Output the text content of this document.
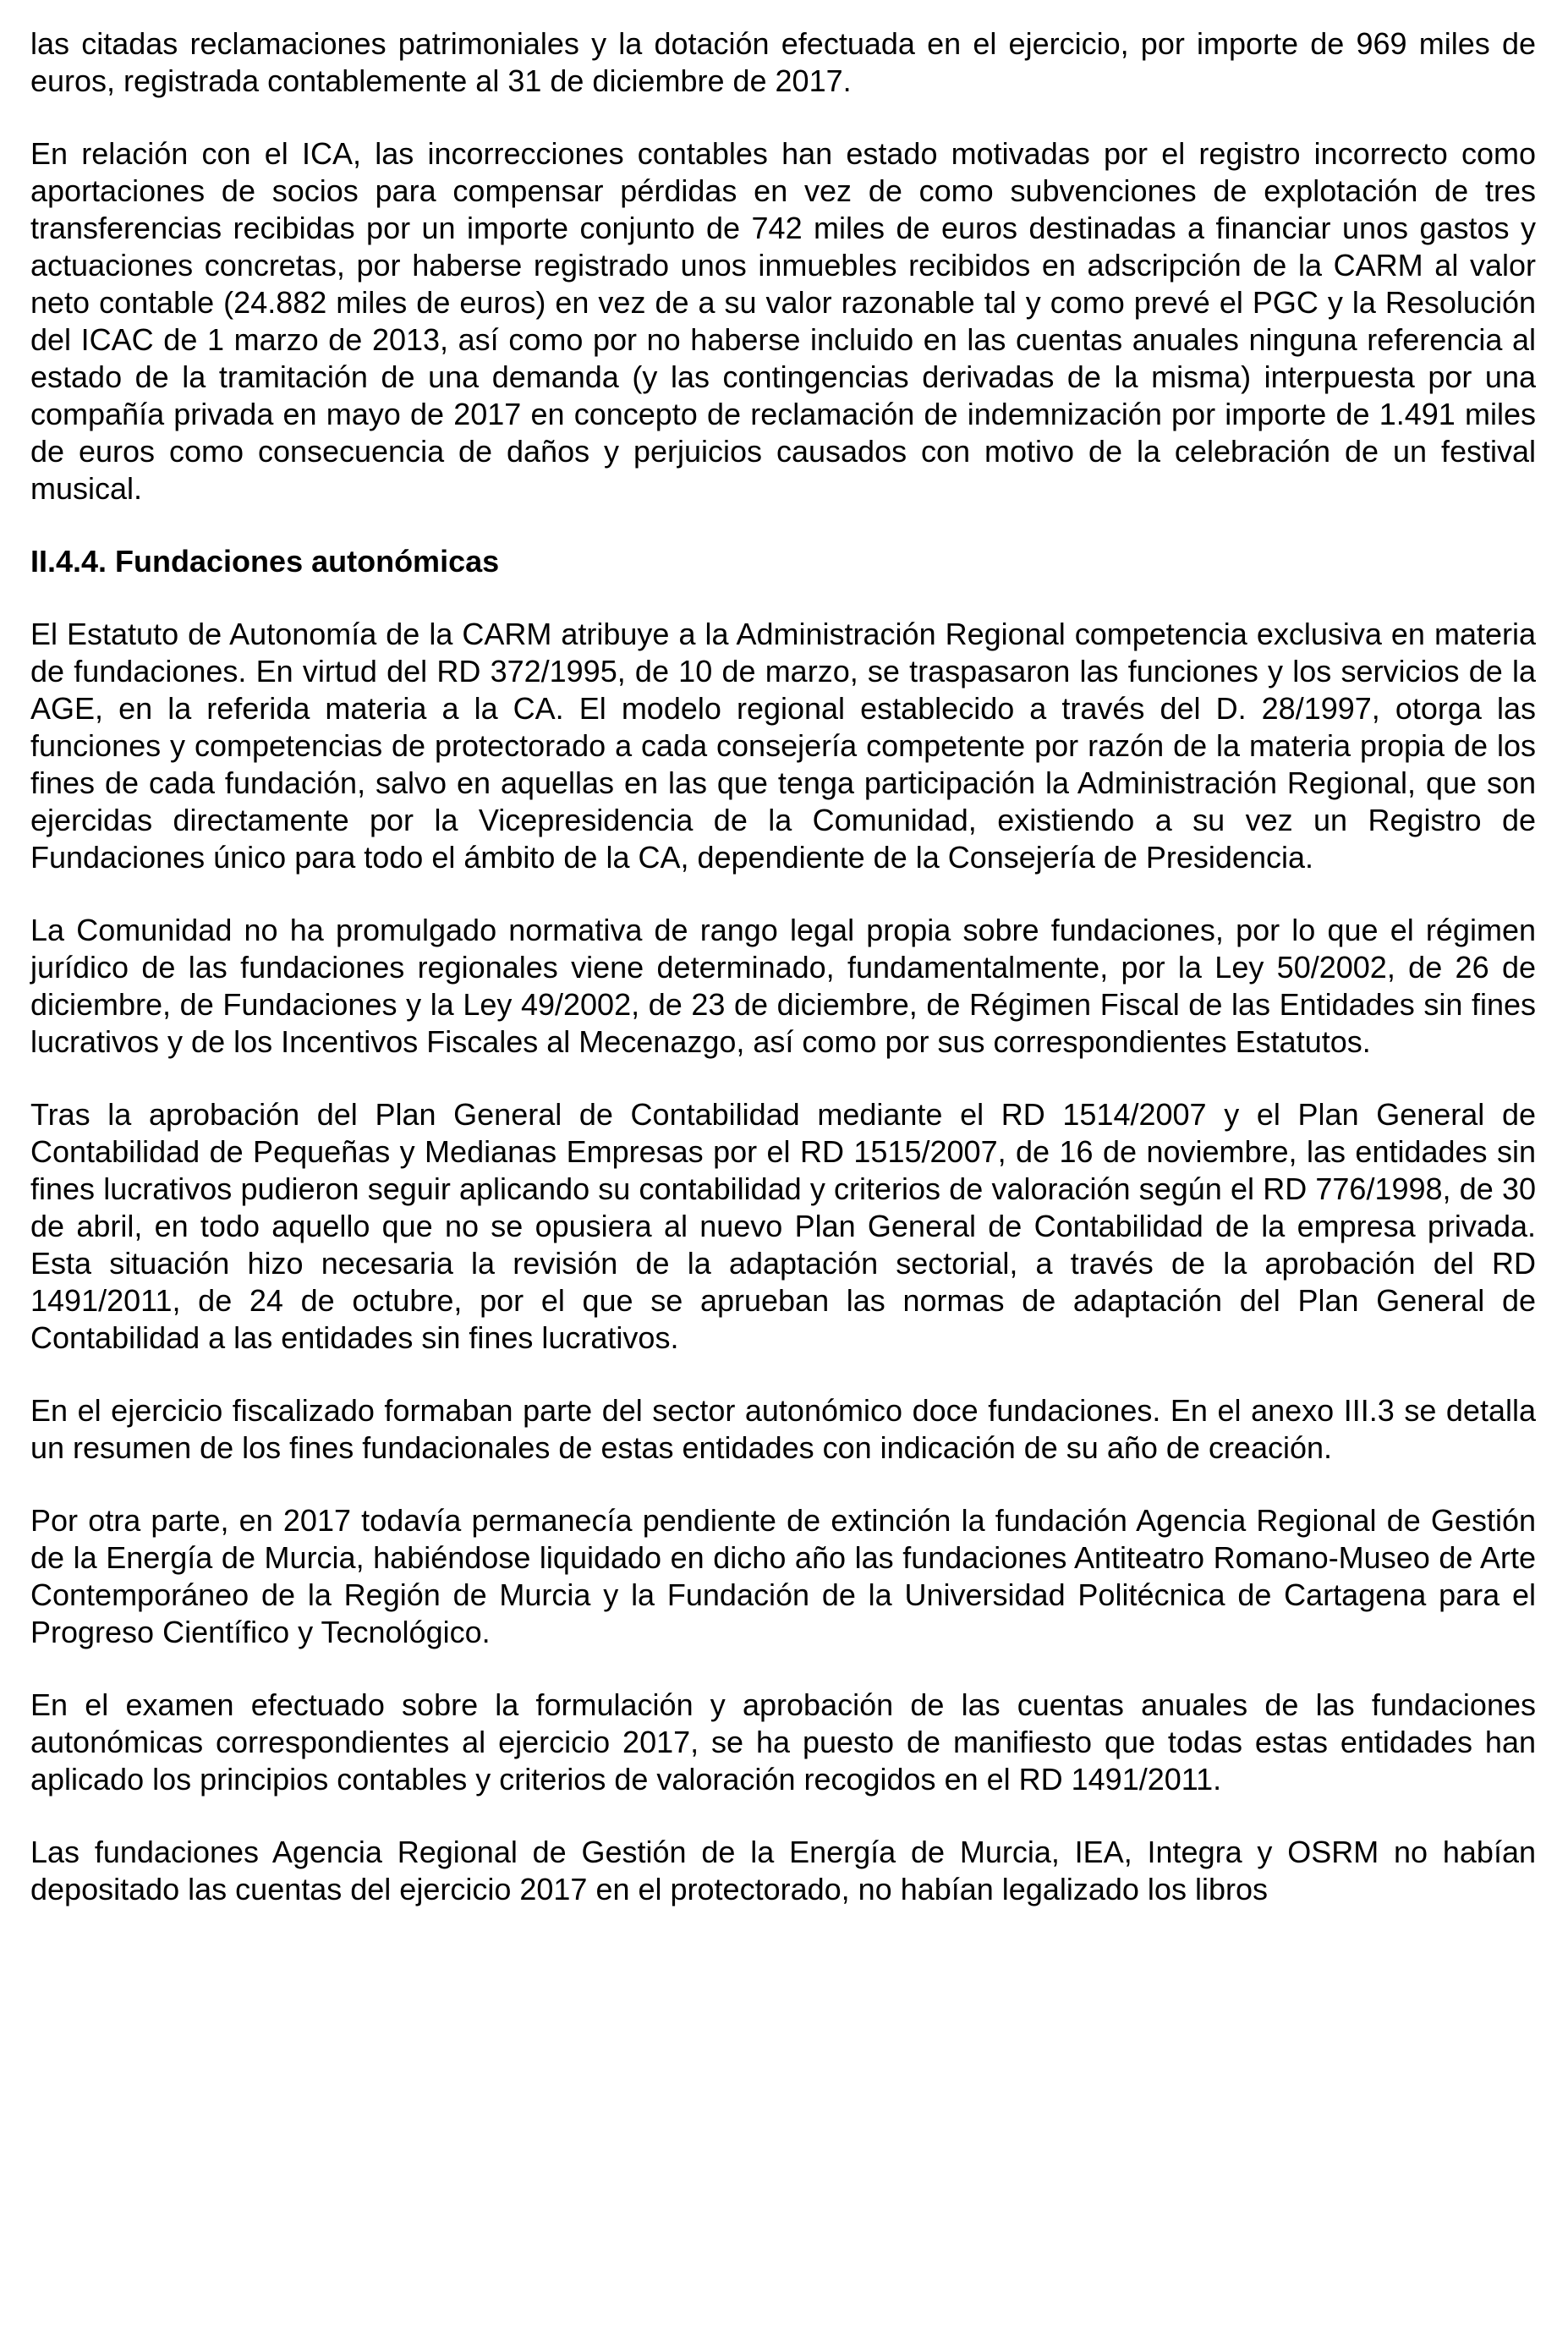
las citadas reclamaciones patrimoniales y la dotación efectuada en el ejercicio, por importe de 969 miles de euros, registrada contablemente al 31 de diciembre de 2017.

En relación con el ICA, las incorrecciones contables han estado motivadas por el registro incorrecto como aportaciones de socios para compensar pérdidas en vez de como subvenciones de explotación de tres transferencias recibidas por un importe conjunto de 742 miles de euros destinadas a financiar unos gastos y actuaciones concretas, por haberse registrado unos inmuebles recibidos en adscripción de la CARM al valor neto contable (24.882 miles de euros) en vez de a su valor razonable tal y como prevé el PGC y la Resolución del ICAC de 1 marzo de 2013, así como por no haberse incluido en las cuentas anuales ninguna referencia al estado de la tramitación de una demanda (y las contingencias derivadas de la misma) interpuesta por una compañía privada en mayo de 2017 en concepto de reclamación de indemnización por importe de 1.491 miles de euros como consecuencia de daños y perjuicios causados con motivo de la celebración de un festival musical.

II.4.4. Fundaciones autonómicas

El Estatuto de Autonomía de la CARM atribuye a la Administración Regional competencia exclusiva en materia de fundaciones. En virtud del RD 372/1995, de 10 de marzo, se traspasaron las funciones y los servicios de la AGE, en la referida materia a la CA. El modelo regional establecido a través del D. 28/1997, otorga las funciones y competencias de protectorado a cada consejería competente por razón de la materia propia de los fines de cada fundación, salvo en aquellas en las que tenga participación la Administración Regional, que son ejercidas directamente por la Vicepresidencia de la Comunidad, existiendo a su vez un Registro de Fundaciones único para todo el ámbito de la CA, dependiente de la Consejería de Presidencia.

La Comunidad no ha promulgado normativa de rango legal propia sobre fundaciones, por lo que el régimen jurídico de las fundaciones regionales viene determinado, fundamentalmente, por la Ley 50/2002, de 26 de diciembre, de Fundaciones y la Ley 49/2002, de 23 de diciembre, de Régimen Fiscal de las Entidades sin fines lucrativos y de los Incentivos Fiscales al Mecenazgo, así como por sus correspondientes Estatutos.

Tras la aprobación del Plan General de Contabilidad mediante el RD 1514/2007 y el Plan General de Contabilidad de Pequeñas y Medianas Empresas por el RD 1515/2007, de 16 de noviembre, las entidades sin fines lucrativos pudieron seguir aplicando su contabilidad y criterios de valoración según el RD 776/1998, de 30 de abril, en todo aquello que no se opusiera al nuevo Plan General de Contabilidad de la empresa privada. Esta situación hizo necesaria la revisión de la adaptación sectorial, a través de la aprobación del RD 1491/2011, de 24 de octubre, por el que se aprueban las normas de adaptación del Plan General de Contabilidad a las entidades sin fines lucrativos.

En el ejercicio fiscalizado formaban parte del sector autonómico doce fundaciones. En el anexo III.3 se detalla un resumen de los fines fundacionales de estas entidades con indicación de su año de creación.

Por otra parte, en 2017 todavía permanecía pendiente de extinción la fundación Agencia Regional de Gestión de la Energía de Murcia, habiéndose liquidado en dicho año las fundaciones Antiteatro Romano-Museo de Arte Contemporáneo de la Región de Murcia y la Fundación de la Universidad Politécnica de Cartagena para el Progreso Científico y Tecnológico.

En el examen efectuado sobre la formulación y aprobación de las cuentas anuales de las fundaciones autonómicas correspondientes al ejercicio 2017, se ha puesto de manifiesto que todas estas entidades han aplicado los principios contables y criterios de valoración recogidos en el RD 1491/2011.

Las fundaciones Agencia Regional de Gestión de la Energía de Murcia, IEA, Integra y OSRM no habían depositado las cuentas del ejercicio 2017 en el protectorado, no habían legalizado los libros
